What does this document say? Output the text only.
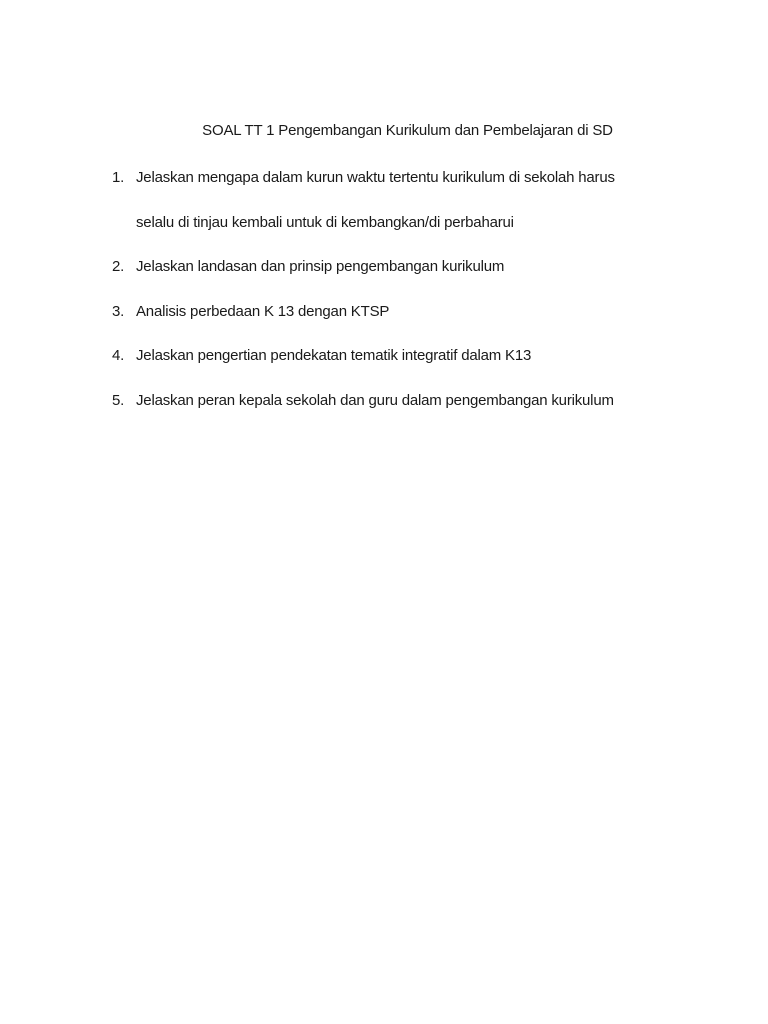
SOAL TT 1 Pengembangan Kurikulum dan Pembelajaran di SD
1. Jelaskan mengapa dalam kurun waktu tertentu kurikulum di sekolah harus
selalu di tinjau kembali untuk di kembangkan/di perbaharui
2. Jelaskan landasan dan prinsip pengembangan kurikulum
3. Analisis perbedaan K 13 dengan KTSP
4. Jelaskan pengertian pendekatan tematik integratif dalam K13
5. Jelaskan peran kepala sekolah dan guru dalam pengembangan kurikulum
